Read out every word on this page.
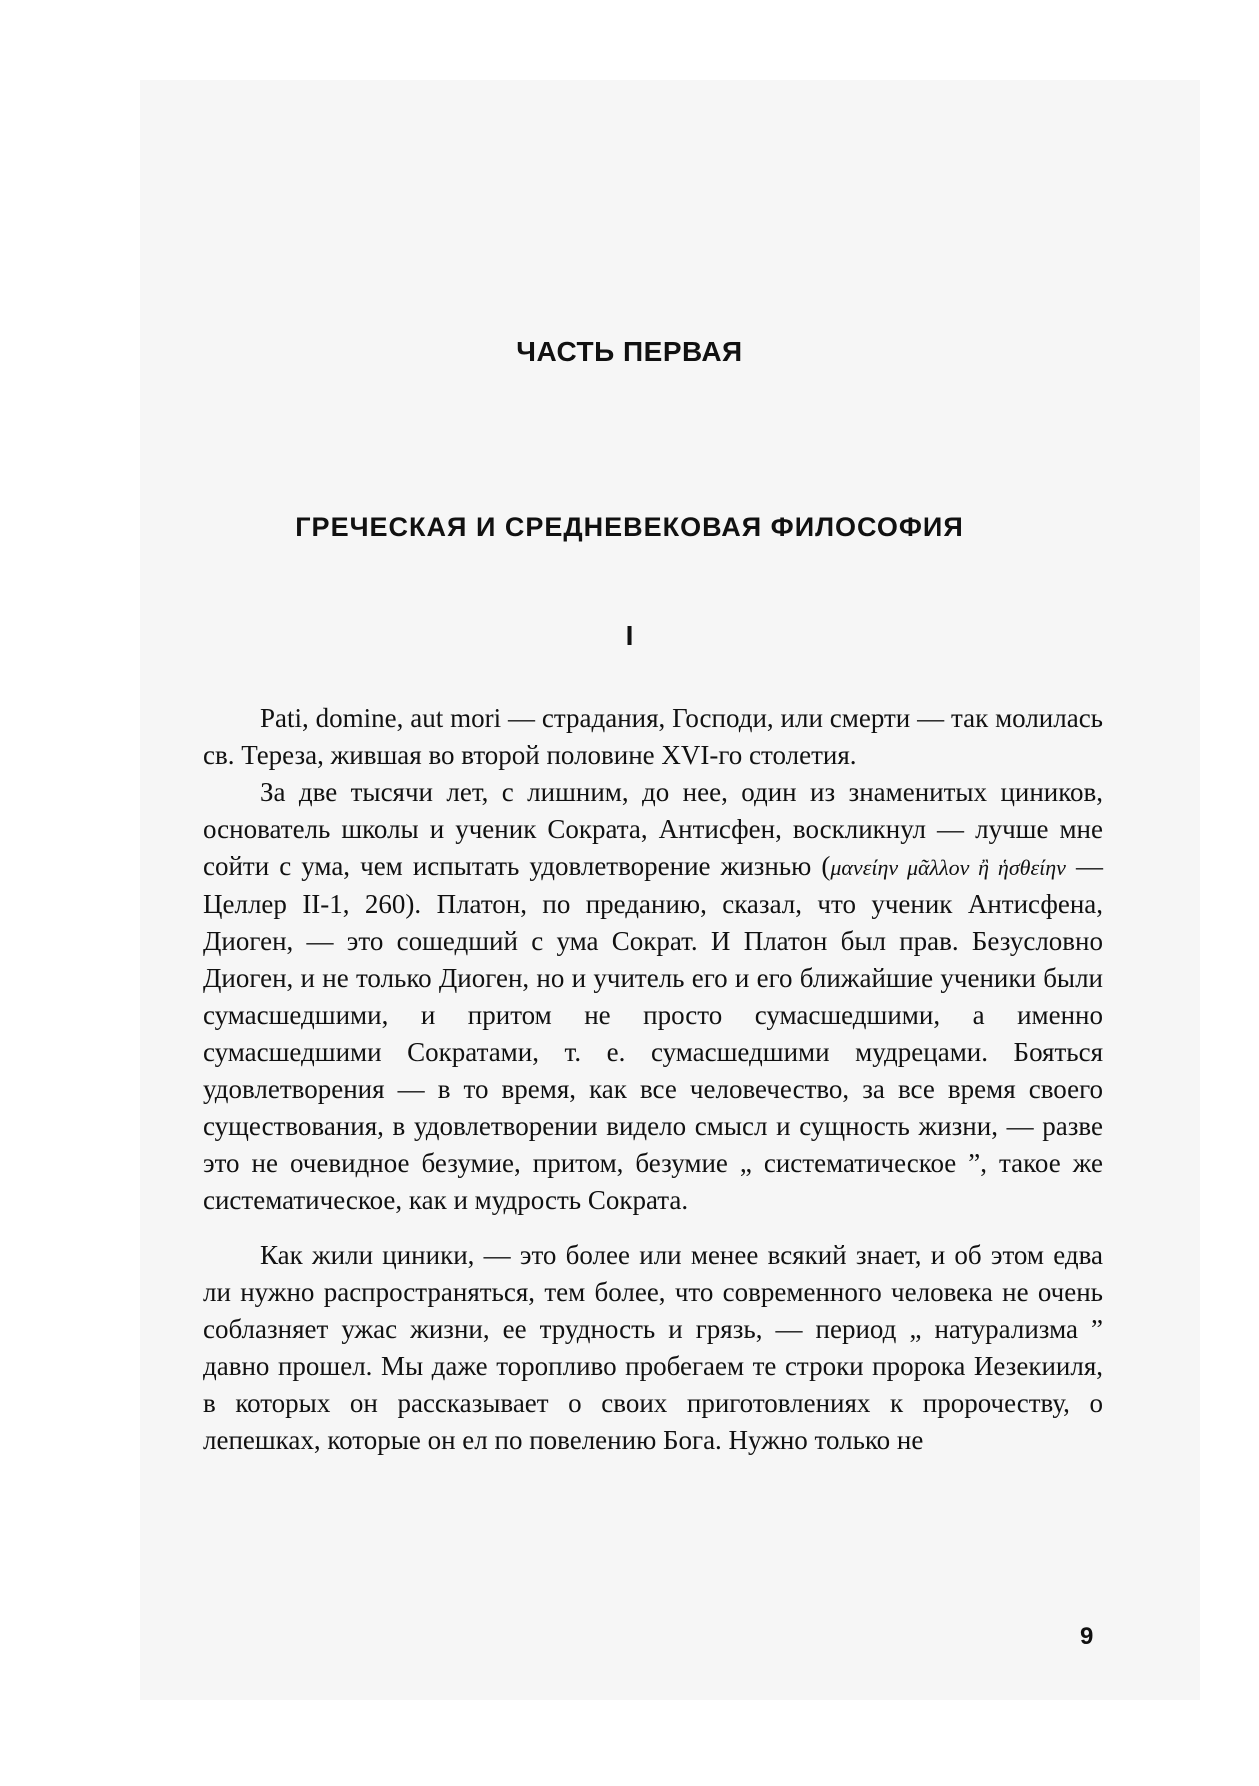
ЧАСТЬ ПЕРВАЯ
ГРЕЧЕСКАЯ И СРЕДНЕВЕКОВАЯ ФИЛОСОФИЯ
I

Pati, domine, aut mori — страдания, Господи, или смерти — так молилась св. Тереза, жившая во второй половине XVI-го столетия.

За две тысячи лет, с лишним, до нее, один из знаменитых циников, основатель школы и ученик Сократа, Антисфен, воскликнул — лучше мне сойти с ума, чем испытать удовлетворение жизнью (μανείην μᾶλλον ἢ ἡσθείην — Целлер II-1, 260). Платон, по преданию, сказал, что ученик Антисфена, Диоген, — это сошедший с ума Сократ. И Платон был прав. Безусловно Диоген, и не только Диоген, но и учитель его и его ближайшие ученики были сумасшедшими, и притом не просто сумасшедшими, а именно сумасшедшими Сократами, т. е. сумасшедшими мудрецами. Бояться удовлетворения — в то время, как все человечество, за все время своего существования, в удовлетворении видело смысл и сущность жизни, — разве это не очевидное безумие, притом, безумие „ систематическое ”, такое же систематическое, как и мудрость Сократа.

Как жили циники, — это более или менее всякий знает, и об этом едва ли нужно распространяться, тем более, что современного человека не очень соблазняет ужас жизни, ее трудность и грязь, — период „ натурализма ” давно прошел. Мы даже торопливо пробегаем те строки пророка Иезекииля, в которых он рассказывает о своих приготовлениях к пророчеству, о лепешках, которые он ел по повелению Бога. Нужно только не

9
